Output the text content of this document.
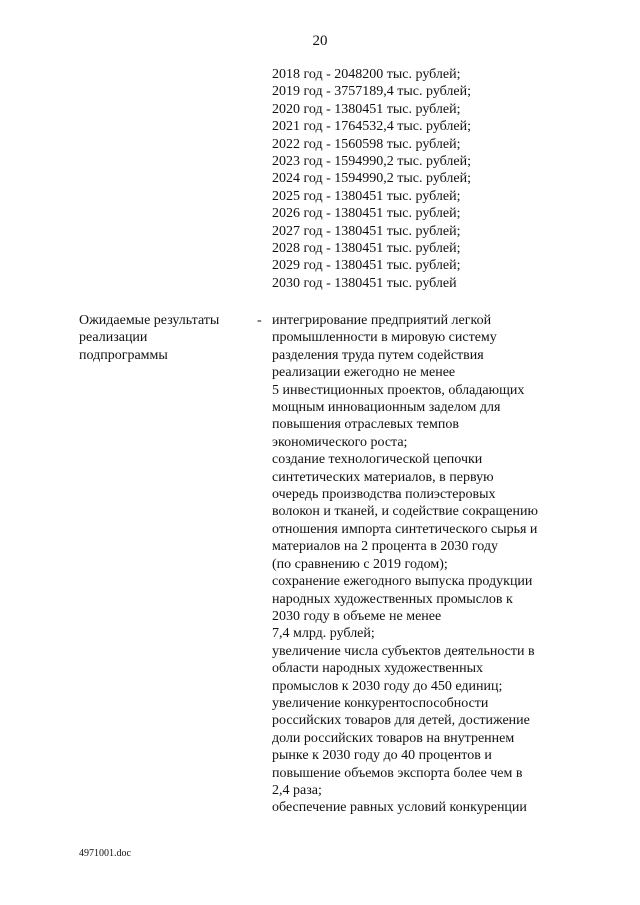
20
2018 год - 2048200 тыс. рублей;
2019 год - 3757189,4 тыс. рублей;
2020 год - 1380451 тыс. рублей;
2021 год - 1764532,4 тыс. рублей;
2022 год - 1560598 тыс. рублей;
2023 год - 1594990,2 тыс. рублей;
2024 год - 1594990,2 тыс. рублей;
2025 год - 1380451 тыс. рублей;
2026 год - 1380451 тыс. рублей;
2027 год - 1380451 тыс. рублей;
2028 год - 1380451 тыс. рублей;
2029 год - 1380451 тыс. рублей;
2030 год - 1380451 тыс. рублей
Ожидаемые результаты
реализации
подпрограммы
- интегрирование предприятий легкой
промышленности в мировую систему
разделения труда путем содействия
реализации ежегодно не менее
5 инвестиционных проектов, обладающих
мощным инновационным заделом для
повышения отраслевых темпов
экономического роста;
создание технологической цепочки
синтетических материалов, в первую
очередь производства полиэстеровых
волокон и тканей, и содействие сокращению
отношения импорта синтетического сырья и
материалов на 2 процента в 2030 году
(по сравнению с 2019 годом);
сохранение ежегодного выпуска продукции
народных художественных промыслов к
2030 году в объеме не менее
7,4 млрд. рублей;
увеличение числа субъектов деятельности в
области народных художественных
промыслов к 2030 году до 450 единиц;
увеличение конкурентоспособности
российских товаров для детей, достижение
доли российских товаров на внутреннем
рынке к 2030 году до 40 процентов и
повышение объемов экспорта более чем в
2,4 раза;
обеспечение равных условий конкуренции
4971001.doc
